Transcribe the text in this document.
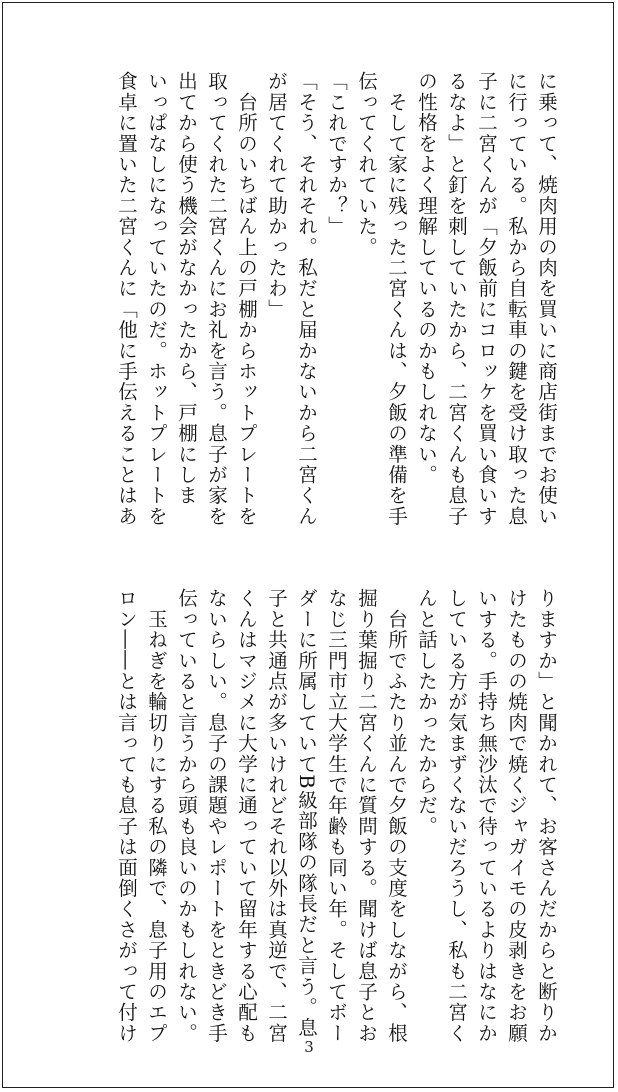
に乗って、焼肉用の肉を買いに商店街までお使い
に行っている。私から自転車の鍵を受け取った息
子に二宮くんが「夕飯前にコロッケを買い食いす
るなよ」と釘を刺していたから、二宮くんも息子
の性格をよく理解しているのかもしれない。
　そして家に残った二宮くんは、夕飯の準備を手
伝ってくれていた。
「これですか？」
「そう、それそれ。私だと届かないから二宮くん
が居てくれて助かったわ」
　台所のいちばん上の戸棚からホットプレートを
取ってくれた二宮くんにお礼を言う。息子が家を
出てから使う機会がなかったから、戸棚にしま
いっぱなしになっていたのだ。ホットプレートを
食卓に置いた二宮くんに「他に手伝えることはあ
りますか」と聞かれて、お客さんだからと断りか
けたものの焼肉で焼くジャガイモの皮剥きをお願
いする。手持ち無沙汰で待っているよりはなにか
している方が気まずくないだろうし、私も二宮く
んと話したかったからだ。
　台所でふたり並んで夕飯の支度をしながら、根
掘り葉掘り二宮くんに質問する。聞けば息子とお
なじ三門市立大学生で年齢も同い年。そしてボー
ダーに所属していてB級部隊の隊長だと言う。息
子と共通点が多いけれどそれ以外は真逆で、二宮
くんはマジメに大学に通っていて留年する心配も
ないらしい。息子の課題やレポートをときどき手
伝っていると言うから頭も良いのかもしれない。
　玉ねぎを輪切りにする私の隣で、息子用のエプ
ロン――とは言っても息子は面倒くさがって付け
3
